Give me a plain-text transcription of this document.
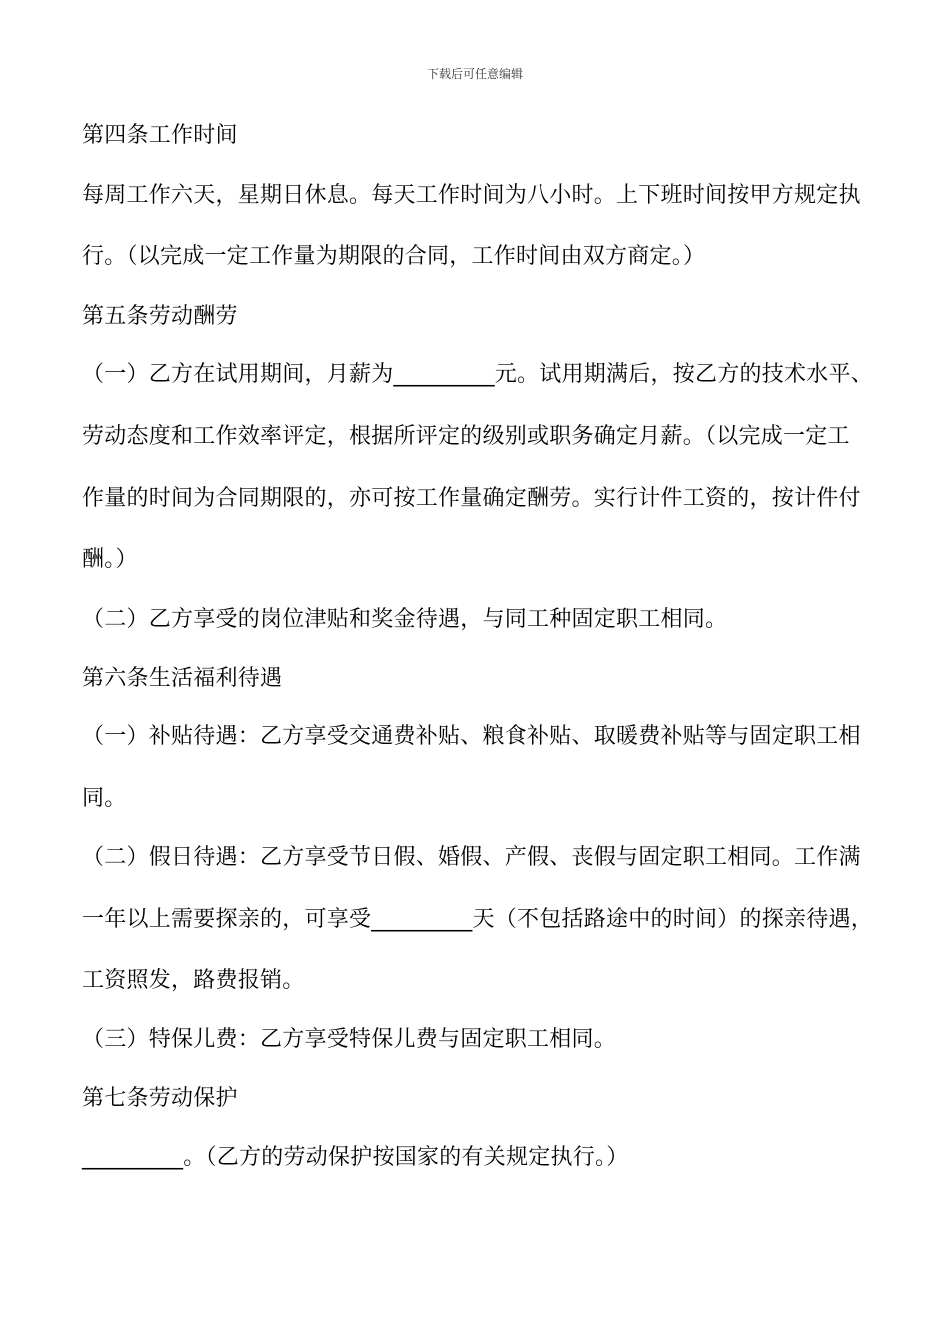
下载后可任意编辑
第四条工作时间
每周工作六天，星期日休息。每天工作时间为八小时。上下班时间按甲方规定执
行。（以完成一定工作量为期限的合同，工作时间由双方商定。）
第五条劳动酬劳
（一）乙方在试用期间，月薪为_________元。试用期满后，按乙方的技术水平、
劳动态度和工作效率评定，根据所评定的级别或职务确定月薪。（以完成一定工
作量的时间为合同期限的，亦可按工作量确定酬劳。实行计件工资的，按计件付
酬。）
（二）乙方享受的岗位津贴和奖金待遇，与同工种固定职工相同。
第六条生活福利待遇
（一）补贴待遇：乙方享受交通费补贴、粮食补贴、取暖费补贴等与固定职工相
同。
（二）假日待遇：乙方享受节日假、婚假、产假、丧假与固定职工相同。工作满
一年以上需要探亲的，可享受_________天（不包括路途中的时间）的探亲待遇，
工资照发，路费报销。
（三）特保儿费：乙方享受特保儿费与固定职工相同。
第七条劳动保护
_________。（乙方的劳动保护按国家的有关规定执行。）
